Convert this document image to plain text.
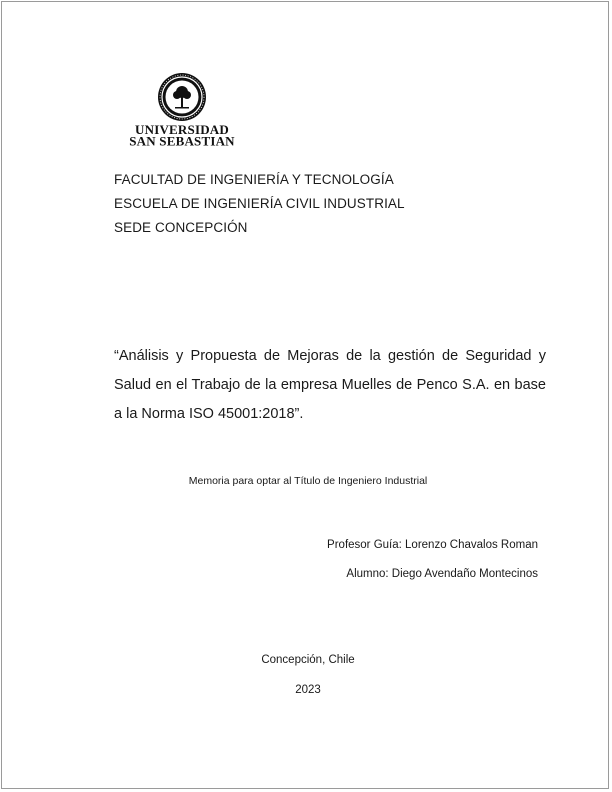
UNIVERSIDAD
SAN SEBASTIAN
FACULTAD DE INGENIERÍA Y TECNOLOGÍA
ESCUELA DE INGENIERÍA CIVIL INDUSTRIAL
SEDE CONCEPCIÓN
“Análisis y Propuesta de Mejoras de la gestión de Seguridad y Salud en el Trabajo de la empresa Muelles de Penco S.A. en base a la Norma ISO 45001:2018”.
Memoria para optar al Título de Ingeniero Industrial
Profesor Guía: Lorenzo Chavalos Roman
Alumno: Diego Avendaño Montecinos
Concepción, Chile
2023
